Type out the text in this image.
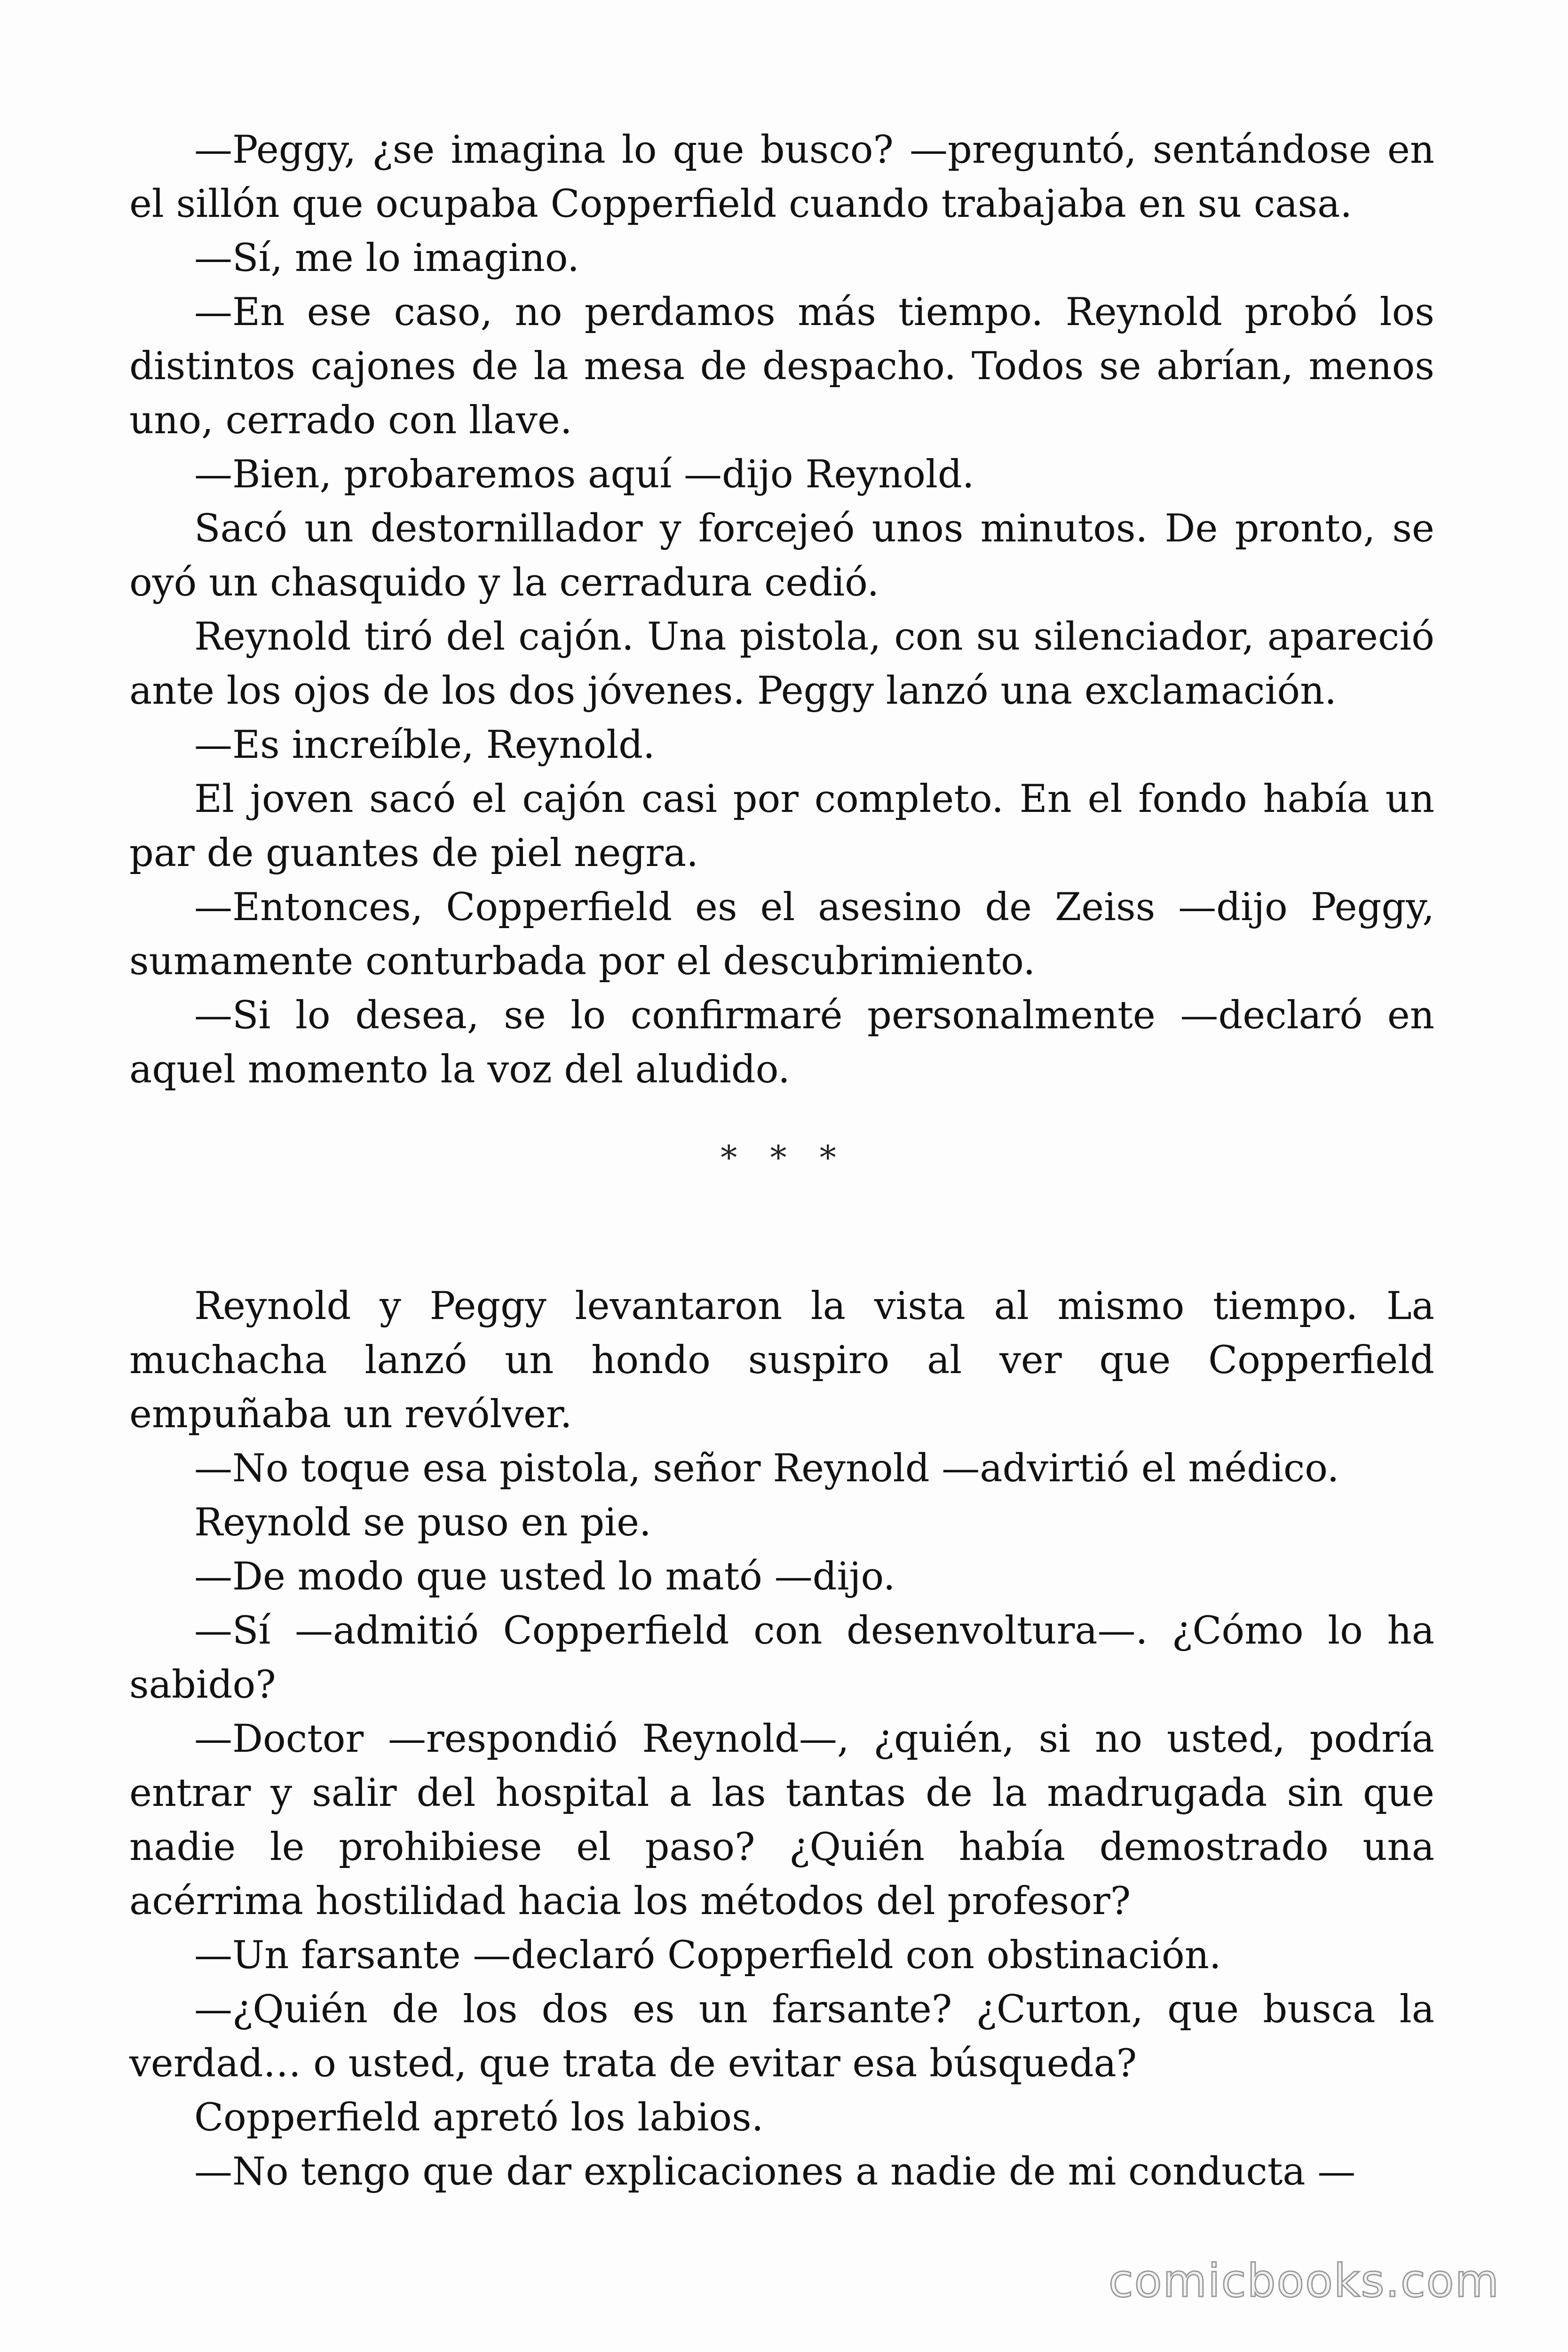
—Peggy, ¿se imagina lo que busco? —preguntó, sentándose en el sillón que ocupaba Copperfield cuando trabajaba en su casa.

—Sí, me lo imagino.

—En ese caso, no perdamos más tiempo. Reynold probó los distintos cajones de la mesa de despacho. Todos se abrían, menos uno, cerrado con llave.

—Bien, probaremos aquí —dijo Reynold.

Sacó un destornillador y forcejeó unos minutos. De pronto, se oyó un chasquido y la cerradura cedió.

Reynold tiró del cajón. Una pistola, con su silenciador, apareció ante los ojos de los dos jóvenes. Peggy lanzó una exclamación.

—Es increíble, Reynold.

El joven sacó el cajón casi por completo. En el fondo había un par de guantes de piel negra.

—Entonces, Copperfield es el asesino de Zeiss —dijo Peggy, sumamente conturbada por el descubrimiento.

—Si lo desea, se lo confirmaré personalmente —declaró en aquel momento la voz del aludido.

* * *

Reynold y Peggy levantaron la vista al mismo tiempo. La muchacha lanzó un hondo suspiro al ver que Copperfield empuñaba un revólver.

—No toque esa pistola, señor Reynold —advirtió el médico.

Reynold se puso en pie.

—De modo que usted lo mató —dijo.

—Sí —admitió Copperfield con desenvoltura—. ¿Cómo lo ha sabido?

—Doctor —respondió Reynold—, ¿quién, si no usted, podría entrar y salir del hospital a las tantas de la madrugada sin que nadie le prohibiese el paso? ¿Quién había demostrado una acérrima hostilidad hacia los métodos del profesor?

—Un farsante —declaró Copperfield con obstinación.

—¿Quién de los dos es un farsante? ¿Curton, que busca la verdad… o usted, que trata de evitar esa búsqueda?

Copperfield apretó los labios.

—No tengo que dar explicaciones a nadie de mi conducta —

comicbooks.com
